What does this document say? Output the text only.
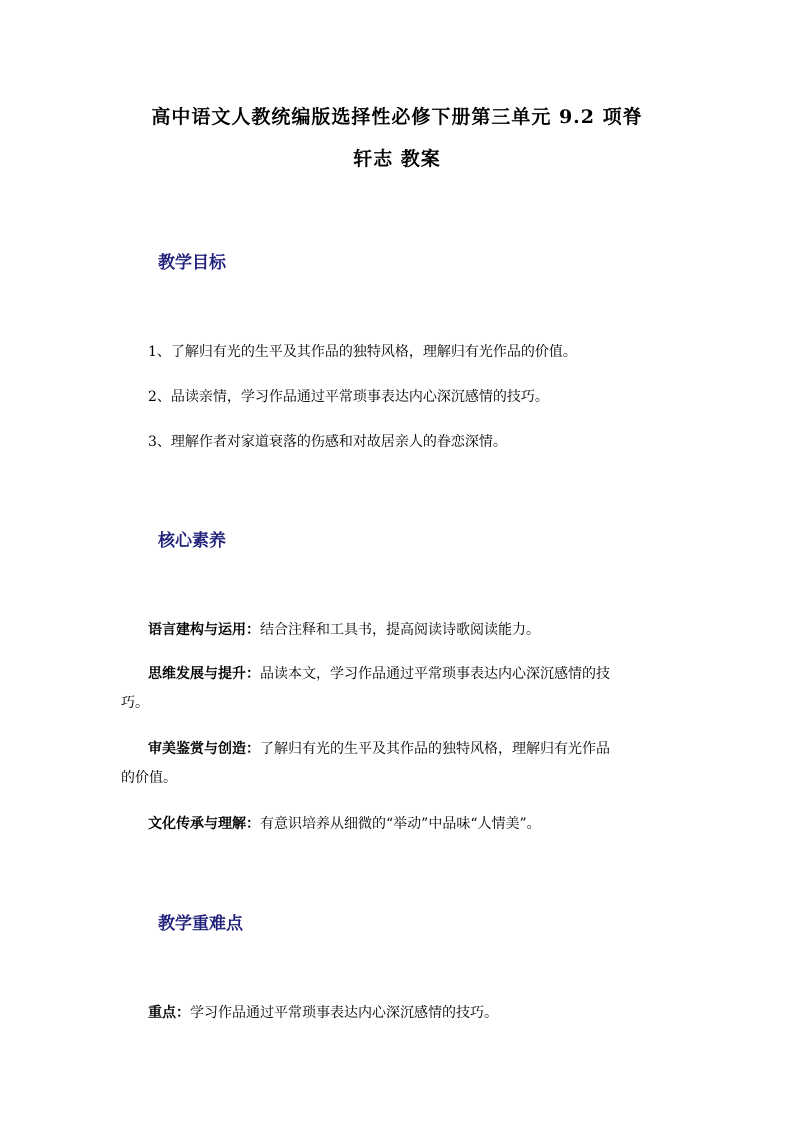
高中语文人教统编版选择性必修下册第三单元 9.2 项脊
轩志 教案
教学目标
1、了解归有光的生平及其作品的独特风格，理解归有光作品的价值。
2、品读亲情，学习作品通过平常琐事表达内心深沉感情的技巧。
3、理解作者对家道衰落的伤感和对故居亲人的眷恋深情。
核心素养
语言建构与运用：结合注释和工具书，提高阅读诗歌阅读能力。
思维发展与提升：品读本文，学习作品通过平常琐事表达内心深沉感情的技
巧。
审美鉴赏与创造：了解归有光的生平及其作品的独特风格，理解归有光作品
的价值。
文化传承与理解：有意识培养从细微的“举动”中品味“人情美”。
教学重难点
重点：学习作品通过平常琐事表达内心深沉感情的技巧。
